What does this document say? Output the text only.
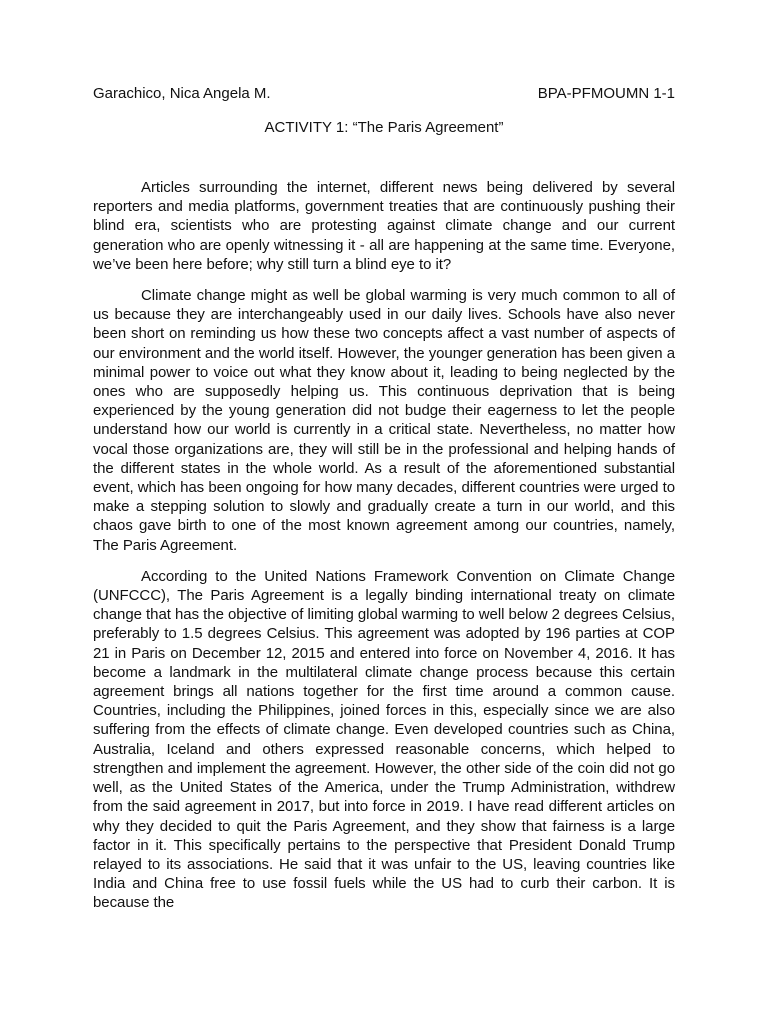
Garachico, Nica Angela M.	BPA-PFMOUMN 1-1
ACTIVITY 1: “The Paris Agreement”

Articles surrounding the internet, different news being delivered by several reporters and media platforms, government treaties that are continuously pushing their blind era, scientists who are protesting against climate change and our current generation who are openly witnessing it - all are happening at the same time. Everyone, we’ve been here before; why still turn a blind eye to it?

Climate change might as well be global warming is very much common to all of us because they are interchangeably used in our daily lives. Schools have also never been short on reminding us how these two concepts affect a vast number of aspects of our environment and the world itself. However, the younger generation has been given a minimal power to voice out what they know about it, leading to being neglected by the ones who are supposedly helping us. This continuous deprivation that is being experienced by the young generation did not budge their eagerness to let the people understand how our world is currently in a critical state. Nevertheless, no matter how vocal those organizations are, they will still be in the professional and helping hands of the different states in the whole world. As a result of the aforementioned substantial event, which has been ongoing for how many decades, different countries were urged to make a stepping solution to slowly and gradually create a turn in our world, and this chaos gave birth to one of the most known agreement among our countries, namely, The Paris Agreement.

According to the United Nations Framework Convention on Climate Change (UNFCCC), The Paris Agreement is a legally binding international treaty on climate change that has the objective of limiting global warming to well below 2 degrees Celsius, preferably to 1.5 degrees Celsius. This agreement was adopted by 196 parties at COP 21 in Paris on December 12, 2015 and entered into force on November 4, 2016. It has become a landmark in the multilateral climate change process because this certain agreement brings all nations together for the first time around a common cause. Countries, including the Philippines, joined forces in this, especially since we are also suffering from the effects of climate change. Even developed countries such as China, Australia, Iceland and others expressed reasonable concerns, which helped to strengthen and implement the agreement. However, the other side of the coin did not go well, as the United States of the America, under the Trump Administration, withdrew from the said agreement in 2017, but into force in 2019. I have read different articles on why they decided to quit the Paris Agreement, and they show that fairness is a large factor in it. This specifically pertains to the perspective that President Donald Trump relayed to its associations. He said that it was unfair to the US, leaving countries like India and China free to use fossil fuels while the US had to curb their carbon. It is because the
